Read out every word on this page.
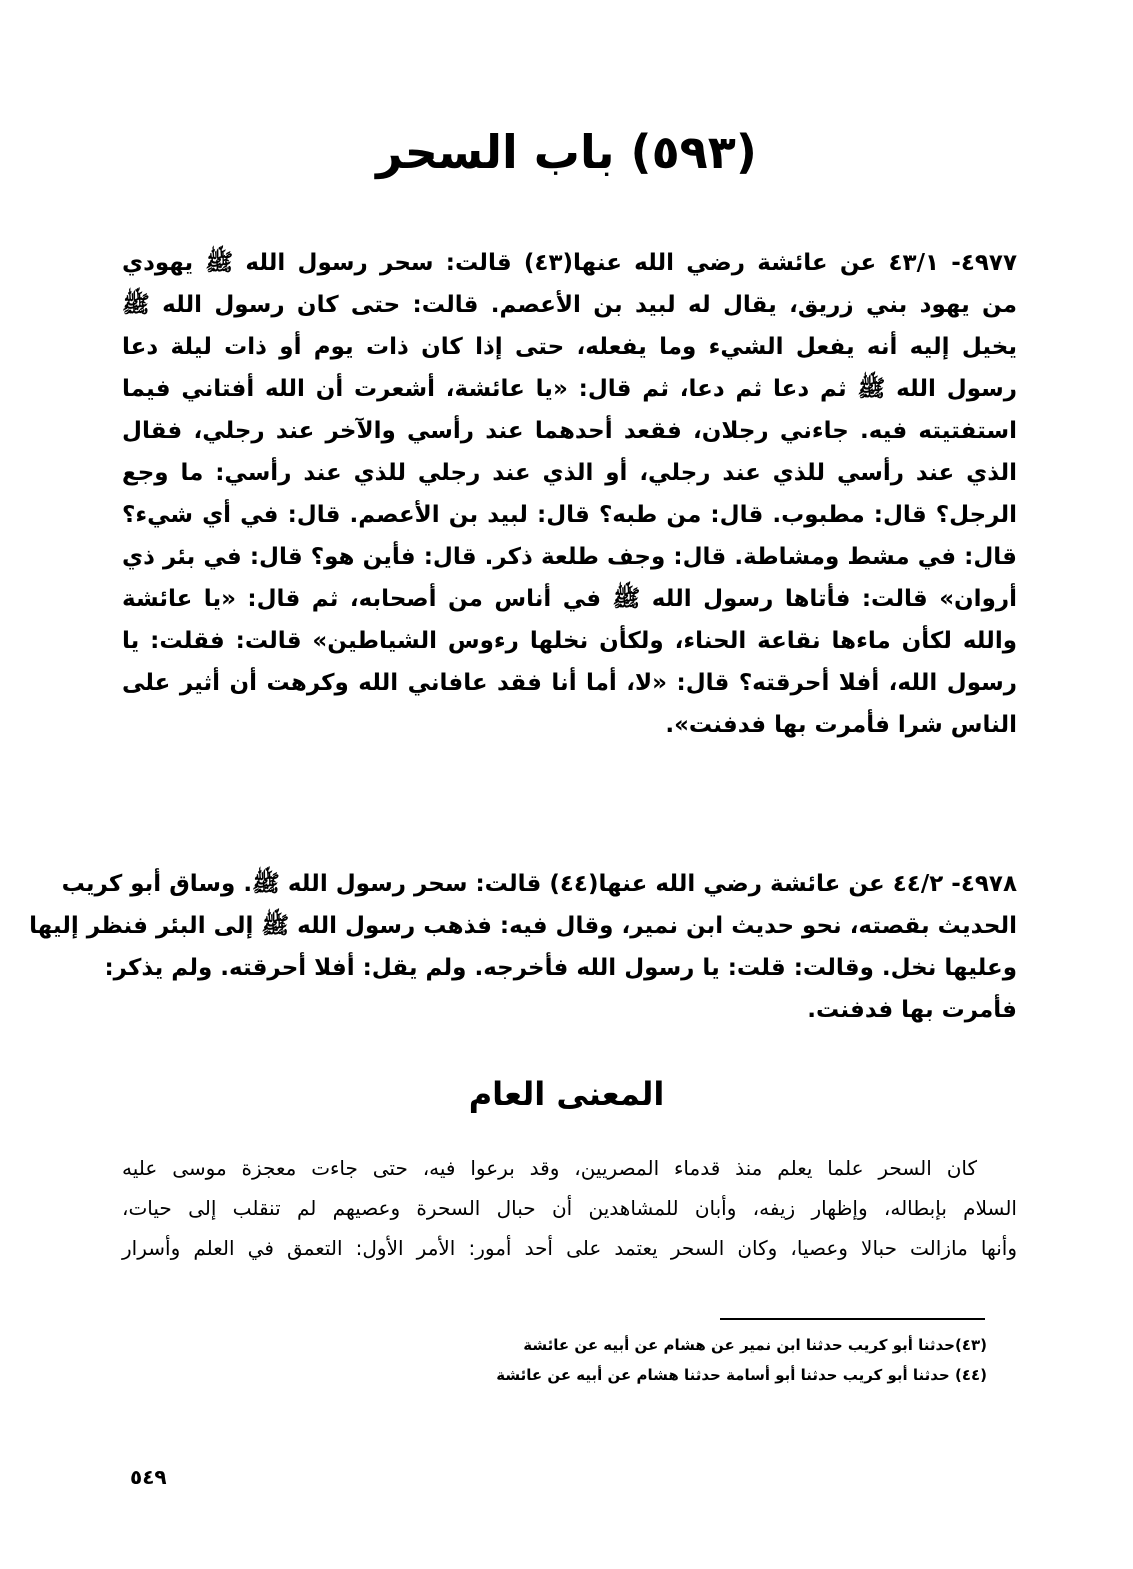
(٥٩٣) باب السحر
٤٩٧٧- ٤٣/١ عن عائشة رضي الله عنها(٤٣) قالت: سحر رسول الله ﷺ يهودي
من يهود بني زريق، يقال له لبيد بن الأعصم. قالت: حتى كان رسول الله ﷺ
يخيل إليه أنه يفعل الشيء وما يفعله، حتى إذا كان ذات يوم أو ذات ليلة دعا
رسول الله ﷺ ثم دعا ثم دعا، ثم قال: «يا عائشة، أشعرت أن الله أفتاني فيما
استفتيته فيه. جاءني رجلان، فقعد أحدهما عند رأسي والآخر عند رجلي، فقال
الذي عند رأسي للذي عند رجلي، أو الذي عند رجلي للذي عند رأسي: ما وجع
الرجل؟ قال: مطبوب. قال: من طبه؟ قال: لبيد بن الأعصم. قال: في أي شيء؟
قال: في مشط ومشاطة. قال: وجف طلعة ذكر. قال: فأين هو؟ قال: في بئر ذي
أروان» قالت: فأتاها رسول الله ﷺ في أناس من أصحابه، ثم قال: «يا عائشة
والله لكأن ماءها نقاعة الحناء، ولكأن نخلها رءوس الشياطين» قالت: فقلت: يا
رسول الله، أفلا أحرقته؟ قال: «لا، أما أنا فقد عافاني الله وكرهت أن أثير على
الناس شرا فأمرت بها فدفنت».
٤٩٧٨- ٤٤/٢ عن عائشة رضي الله عنها(٤٤) قالت: سحر رسول الله ﷺ. وساق أبو كريب
الحديث بقصته، نحو حديث ابن نمير، وقال فيه: فذهب رسول الله ﷺ إلى البئر فنظر إليها
وعليها نخل. وقالت: قلت: يا رسول الله فأخرجه. ولم يقل: أفلا أحرقته. ولم يذكر:
فأمرت بها فدفنت.
المعنى العام
كان السحر علما يعلم منذ قدماء المصريين، وقد برعوا فيه، حتى جاءت معجزة موسى عليه
السلام بإبطاله، وإظهار زيفه، وأبان للمشاهدين أن حبال السحرة وعصيهم لم تنقلب إلى حيات،
وأنها مازالت حبالا وعصيا، وكان السحر يعتمد على أحد أمور: الأمر الأول: التعمق في العلم وأسرار
(٤٣)حدثنا أبو كريب حدثنا ابن نمير عن هشام عن أبيه عن عائشة
(٤٤) حدثنا أبو كريب حدثنا أبو أسامة حدثنا هشام عن أبيه عن عائشة
٥٤٩
